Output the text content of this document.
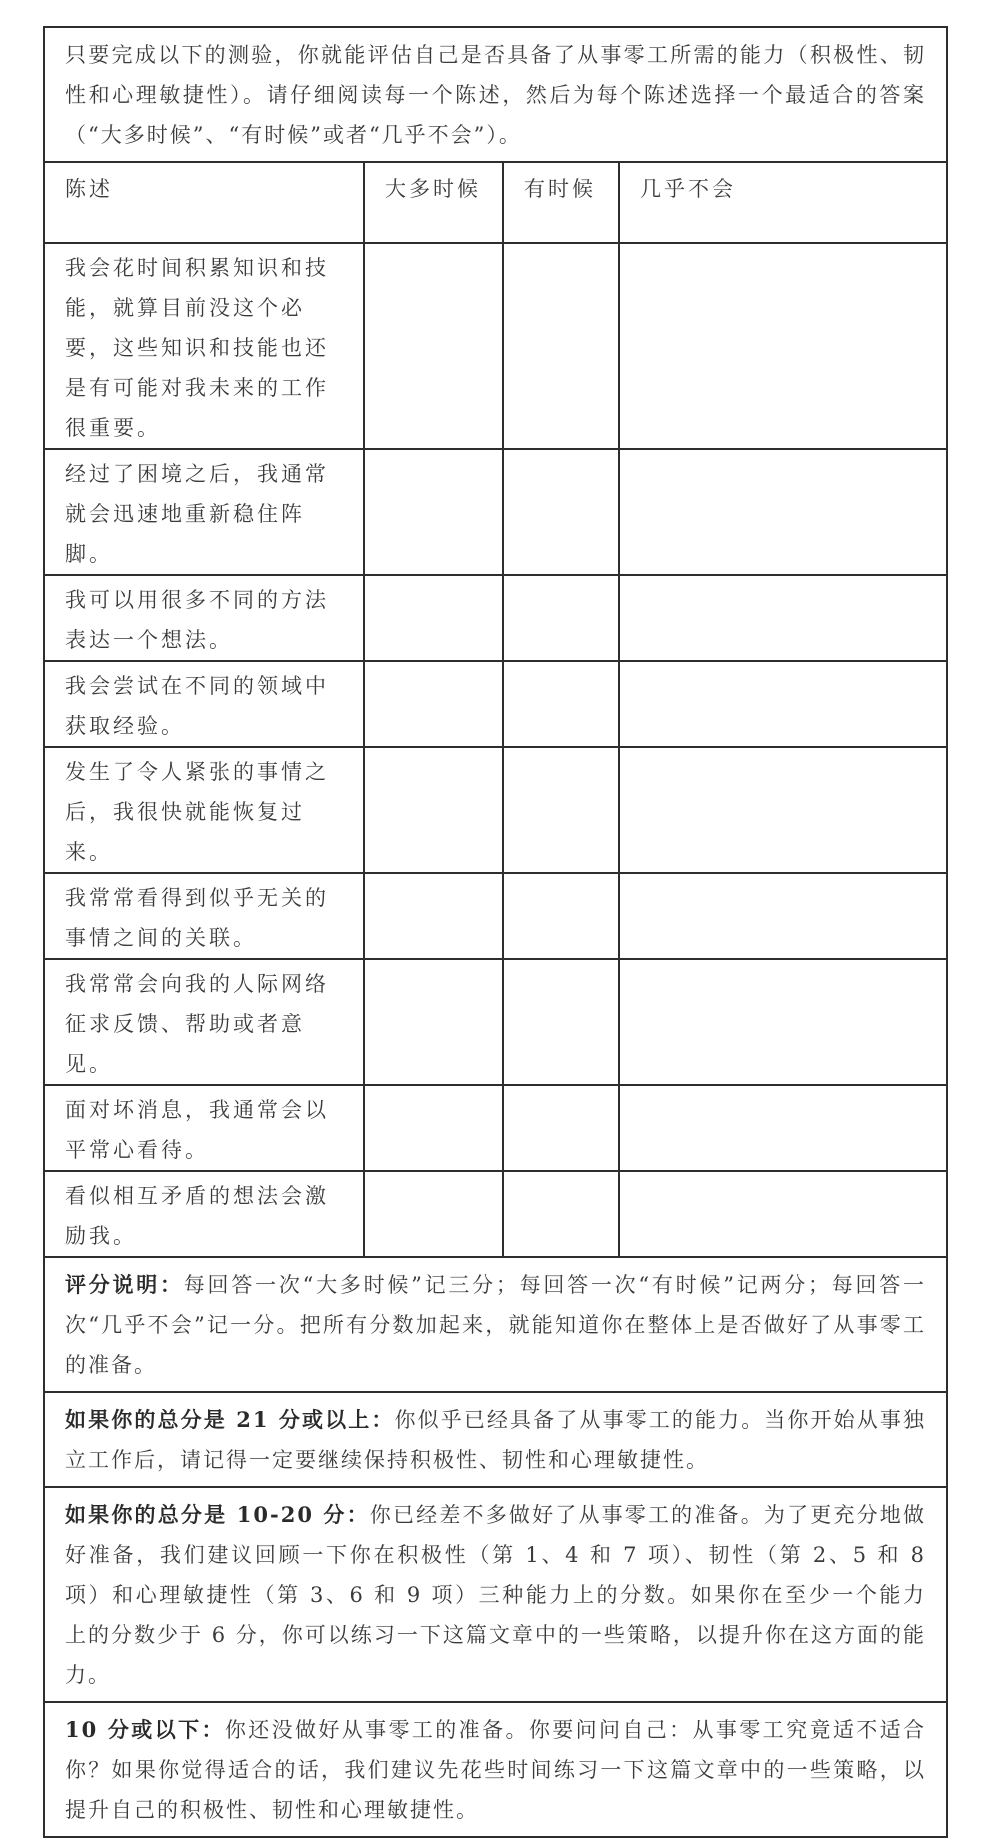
只要完成以下的测验，你就能评估自己是否具备了从事零工所需的能力（积极性、韧性和心理敏捷性）。请仔细阅读每一个陈述，然后为每个陈述选择一个最适合的答案（“大多时候”、“有时候”或者“几乎不会”）。
陈述	大多时候	有时候	几乎不会
我会花时间积累知识和技能，就算目前没这个必要，这些知识和技能也还是有可能对我未来的工作很重要。			
经过了困境之后，我通常就会迅速地重新稳住阵脚。			
我可以用很多不同的方法表达一个想法。			
我会尝试在不同的领域中获取经验。			
发生了令人紧张的事情之后，我很快就能恢复过来。			
我常常看得到似乎无关的事情之间的关联。			
我常常会向我的人际网络征求反馈、帮助或者意见。			
面对坏消息，我通常会以平常心看待。			
看似相互矛盾的想法会激励我。			
评分说明：每回答一次“大多时候”记三分；每回答一次“有时候”记两分；每回答一次“几乎不会”记一分。把所有分数加起来，就能知道你在整体上是否做好了从事零工的准备。
如果你的总分是 21 分或以上：你似乎已经具备了从事零工的能力。当你开始从事独立工作后，请记得一定要继续保持积极性、韧性和心理敏捷性。
如果你的总分是 10-20 分：你已经差不多做好了从事零工的准备。为了更充分地做好准备，我们建议回顾一下你在积极性（第 1、4 和 7 项）、韧性（第 2、5 和 8 项）和心理敏捷性（第 3、6 和 9 项）三种能力上的分数。如果你在至少一个能力上的分数少于 6 分，你可以练习一下这篇文章中的一些策略，以提升你在这方面的能力。
10 分或以下：你还没做好从事零工的准备。你要问问自己：从事零工究竟适不适合你？如果你觉得适合的话，我们建议先花些时间练习一下这篇文章中的一些策略，以提升自己的积极性、韧性和心理敏捷性。
